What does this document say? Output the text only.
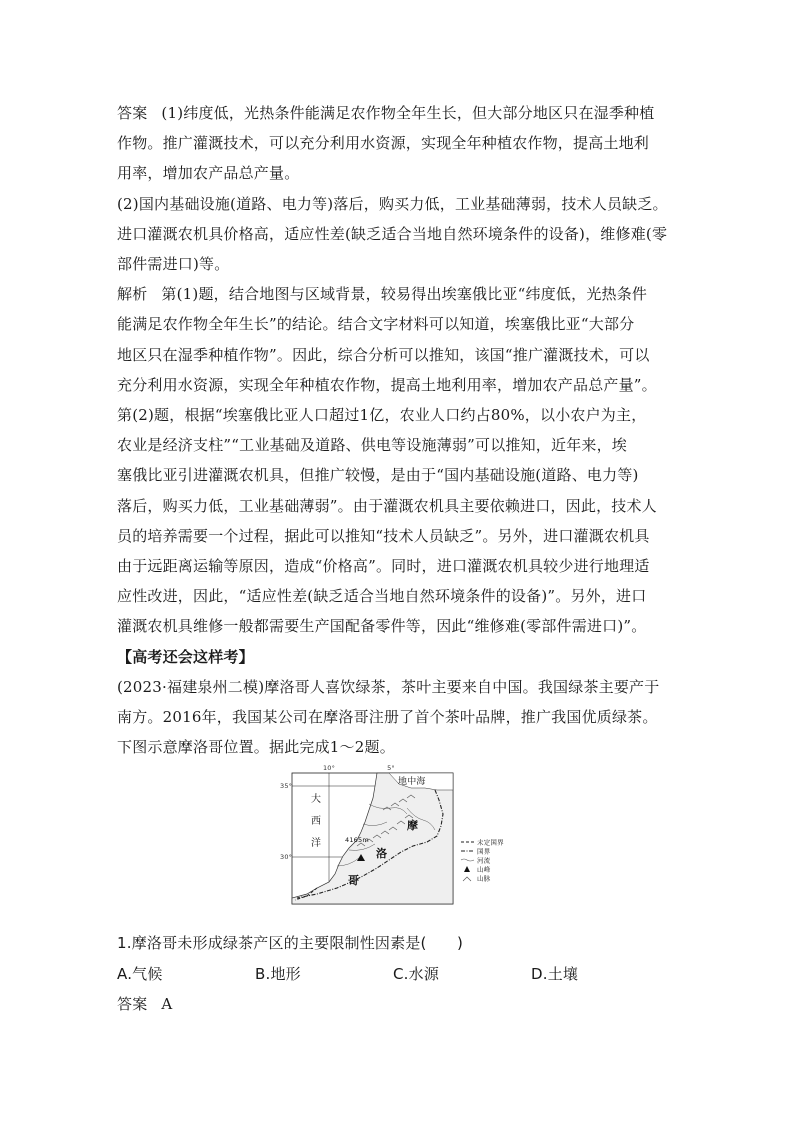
答案 (1)纬度低，光热条件能满足农作物全年生长，但大部分地区只在湿季种植
作物。推广灌溉技术，可以充分利用水资源，实现全年种植农作物，提高土地利
用率，增加农产品总产量。
(2)国内基础设施(道路、电力等)落后，购买力低，工业基础薄弱，技术人员缺乏。
进口灌溉农机具价格高，适应性差(缺乏适合当地自然环境条件的设备)，维修难(零
部件需进口)等。
解析 第(1)题，结合地图与区域背景，较易得出埃塞俄比亚“纬度低，光热条件
能满足农作物全年生长”的结论。结合文字材料可以知道，埃塞俄比亚“大部分
地区只在湿季种植作物”。因此，综合分析可以推知，该国“推广灌溉技术，可以
充分利用水资源，实现全年种植农作物，提高土地利用率，增加农产品总产量”。
第(2)题，根据“埃塞俄比亚人口超过1亿，农业人口约占80%，以小农户为主，
农业是经济支柱”“工业基础及道路、供电等设施薄弱”可以推知，近年来，埃
塞俄比亚引进灌溉农机具，但推广较慢，是由于“国内基础设施(道路、电力等)
落后，购买力低，工业基础薄弱”。由于灌溉农机具主要依赖进口，因此，技术人
员的培养需要一个过程，据此可以推知“技术人员缺乏”。另外，进口灌溉农机具
由于远距离运输等原因，造成“价格高”。同时，进口灌溉农机具较少进行地理适
应性改进，因此，“适应性差(缺乏适合当地自然环境条件的设备)”。另外，进口
灌溉农机具维修一般都需要生产国配备零件等，因此“维修难(零部件需进口)”。
【高考还会这样考】
(2023·福建泉州二模)摩洛哥人喜饮绿茶，茶叶主要来自中国。我国绿茶主要产于
南方。2016年，我国某公司在摩洛哥注册了首个茶叶品牌，推广我国优质绿茶。
下图示意摩洛哥位置。据此完成1～2题。
10°	5°
35°
30°
地中海
大
西
洋
摩
洛
哥
4165m	未定国界
国界
河流
山峰
山脉
1.摩洛哥未形成绿茶产区的主要限制性因素是(　　)
A.气候	B.地形	C.水源	D.土壤
答案 A
